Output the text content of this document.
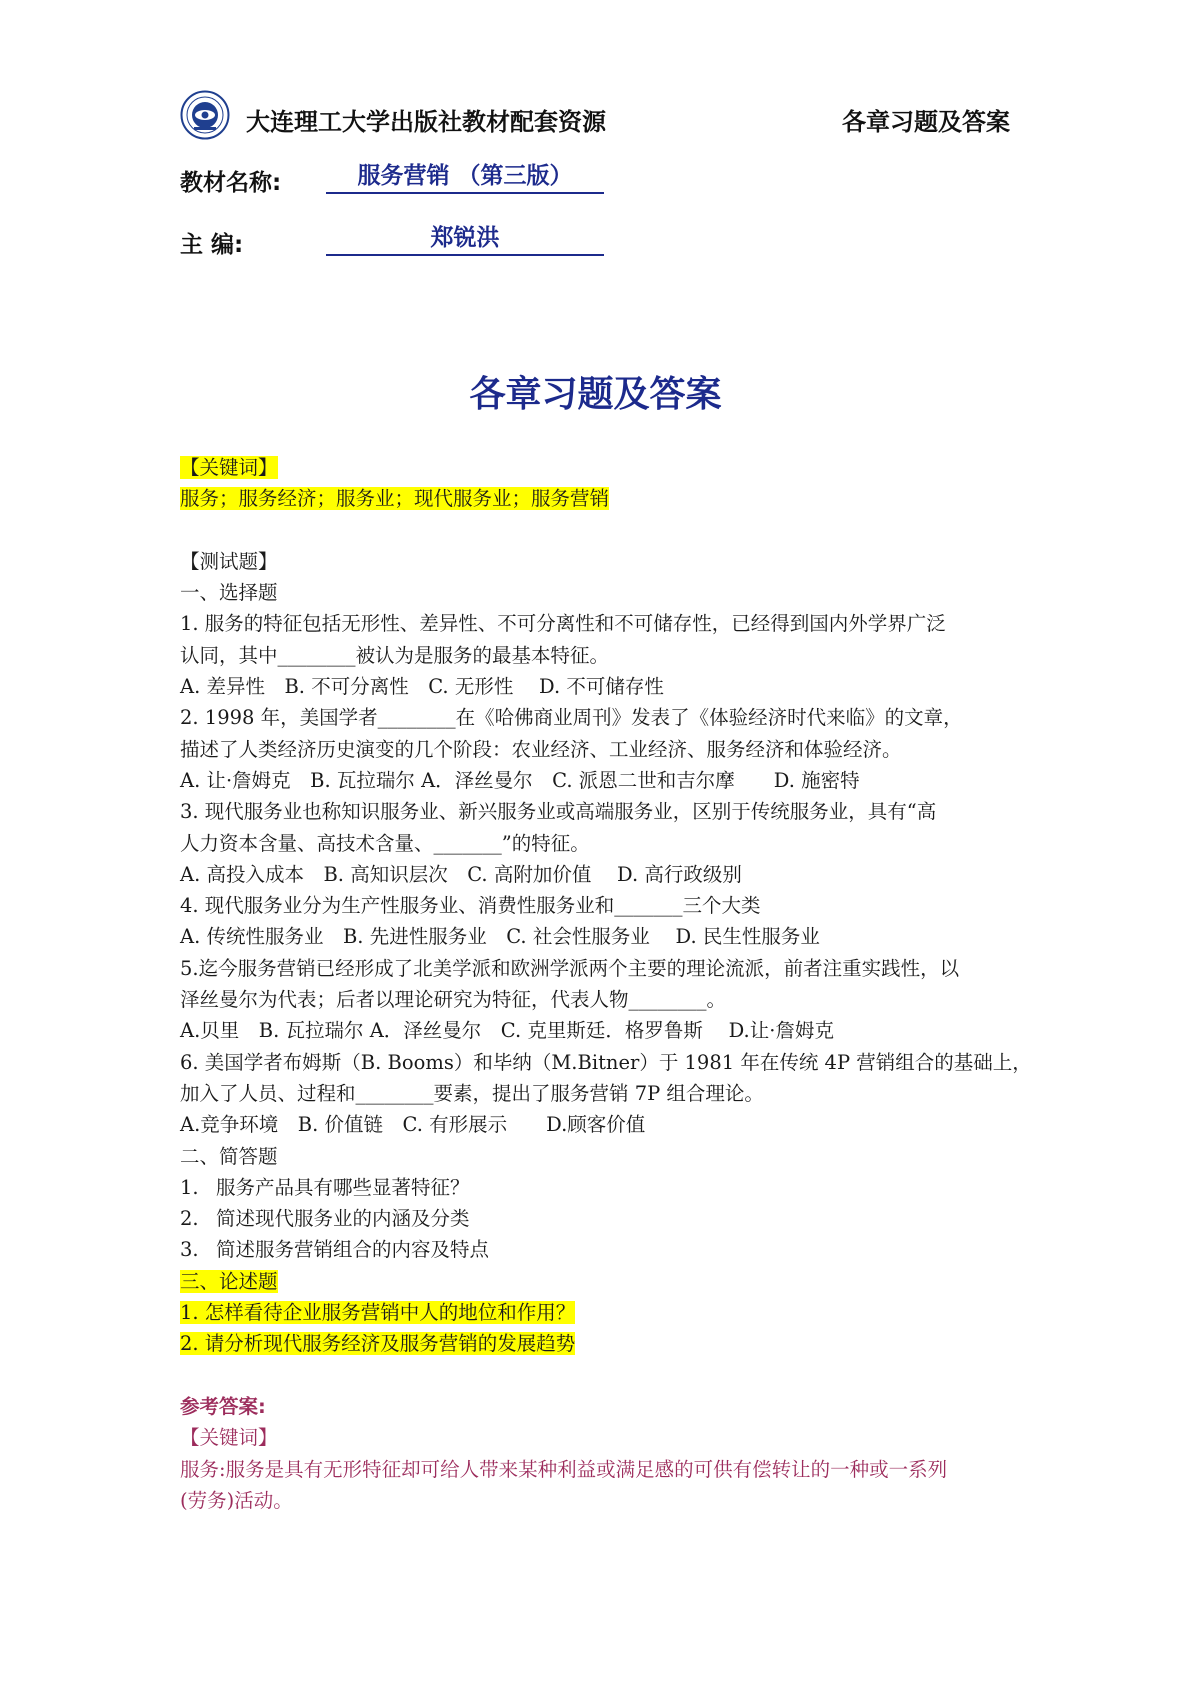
大连理工大学出版社教材配套资源	各章习题及答案
教材名称:	服务营销 （第三版）
主 编:	郑锐洪
各章习题及答案
【关键词】
服务；服务经济；服务业；现代服务业；服务营销
【测试题】
一、选择题
1. 服务的特征包括无形性、差异性、不可分离性和不可储存性，已经得到国内外学界广泛
认同，其中________被认为是服务的最基本特征。
A. 差异性　B. 不可分离性　C. 无形性　 D. 不可储存性
2. 1998 年，美国学者________在《哈佛商业周刊》发表了《体验经济时代来临》的文章，
描述了人类经济历史演变的几个阶段：农业经济、工业经济、服务经济和体验经济。
A. 让·詹姆克　B. 瓦拉瑞尔 A．泽丝曼尔　C. 派恩二世和吉尔摩　　D. 施密特
3. 现代服务业也称知识服务业、新兴服务业或高端服务业，区别于传统服务业，具有“高
人力资本含量、高技术含量、_______”的特征。
A. 高投入成本　B. 高知识层次　C. 高附加价值　 D. 高行政级别
4. 现代服务业分为生产性服务业、消费性服务业和_______三个大类
A. 传统性服务业　B. 先进性服务业　C. 社会性服务业　 D. 民生性服务业
5.迄今服务营销已经形成了北美学派和欧洲学派两个主要的理论流派，前者注重实践性，以
泽丝曼尔为代表；后者以理论研究为特征，代表人物________。
A.贝里　B. 瓦拉瑞尔 A．泽丝曼尔　C. 克里斯廷．格罗鲁斯　 D.让·詹姆克
6. 美国学者布姆斯（B. Booms）和毕纳（M.Bitner）于 1981 年在传统 4P 营销组合的基础上，
加入了人员、过程和________要素，提出了服务营销 7P 组合理论。
A.竞争环境　B. 价值链　C. 有形展示　　D.顾客价值
二、简答题
1. 服务产品具有哪些显著特征？
2. 简述现代服务业的内涵及分类
3. 简述服务营销组合的内容及特点
三、论述题
1. 怎样看待企业服务营销中人的地位和作用？
2. 请分析现代服务经济及服务营销的发展趋势
参考答案:
【关键词】
服务:服务是具有无形特征却可给人带来某种利益或满足感的可供有偿转让的一种或一系列
(劳务)活动。
